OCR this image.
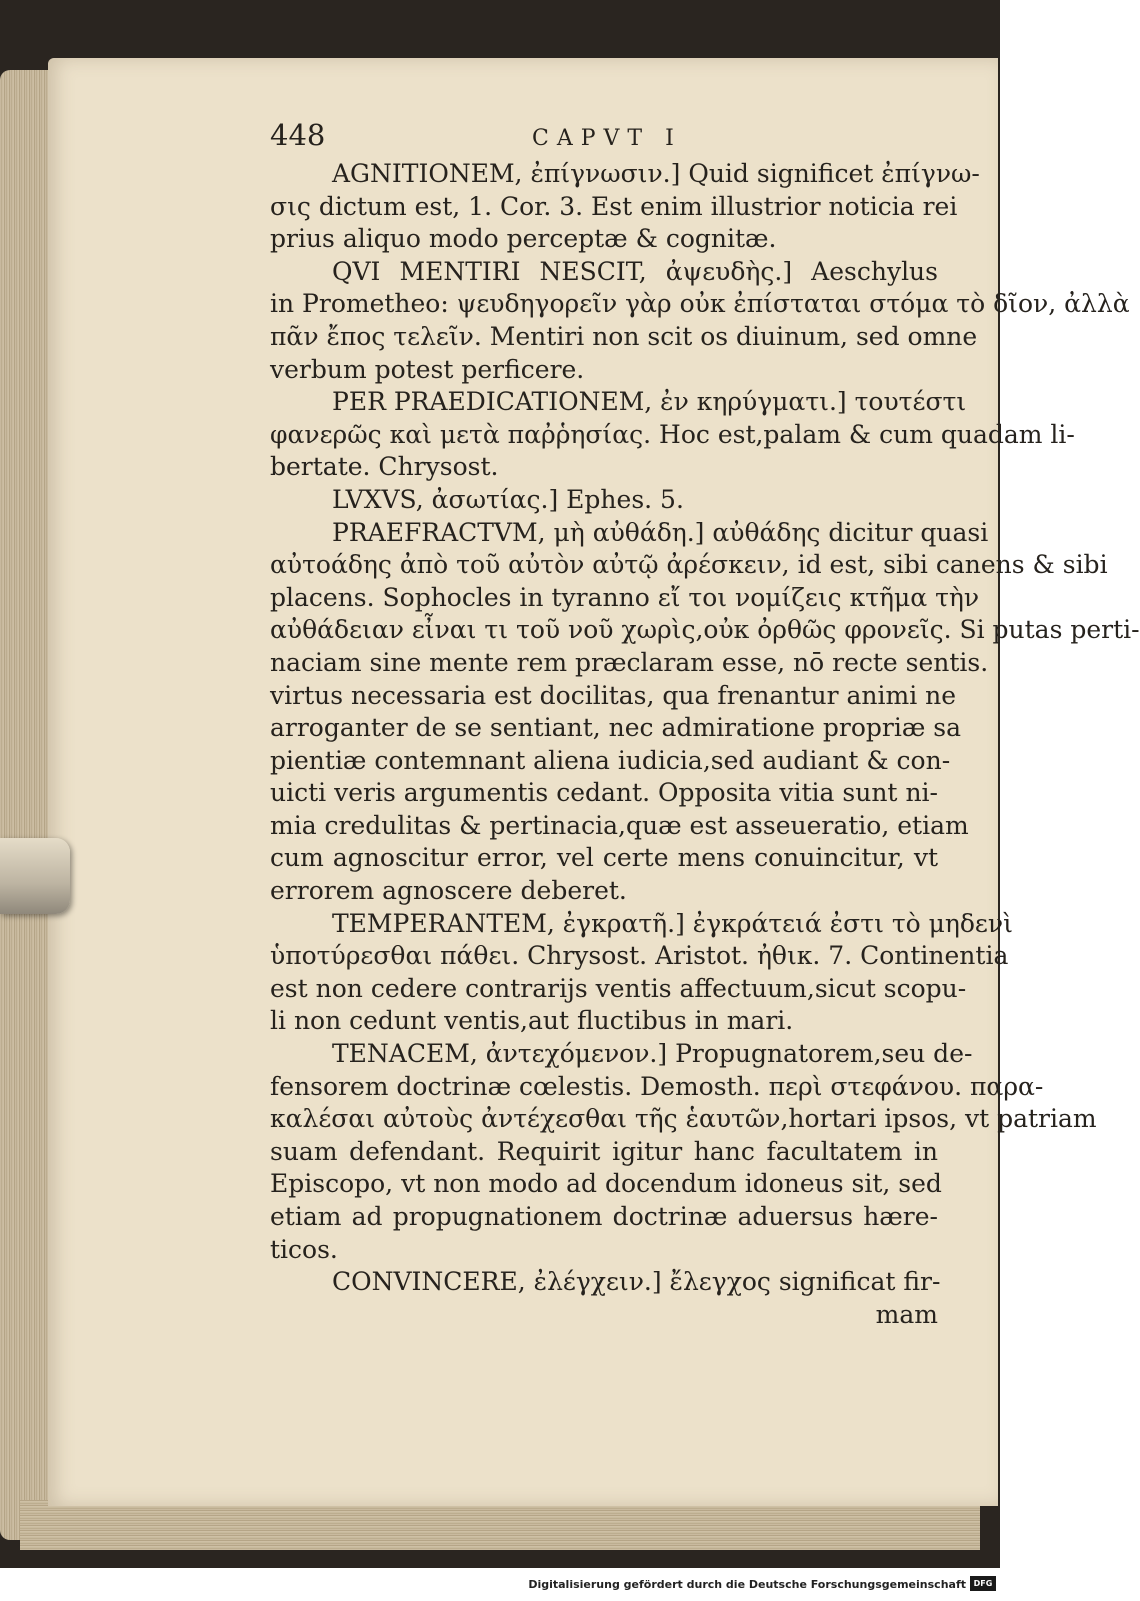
448	CAPVT I
AGNITIONEM, ἐπίγνωσιν.] Quid significet ἐπίγνω-
σις dictum est, 1. Cor. 3. Est enim illustrior noticia rei
prius aliquo modo perceptæ & cognitæ.
QVI MENTIRI NESCIT, ἀψευδὴς.] Aeschylus
in Prometheo: ψευδηγορεῖν γὰρ οὐκ ἐπίσταται στόμα τὸ δῖον, ἀλλὰ
πᾶν ἔπος τελεῖν. Mentiri non scit os diuinum, sed omne
verbum potest perficere.
PER PRAEDICATIONEM, ἐν κηρύγματι.] τουτέστι
φανερῶς καὶ μετὰ παῤῥησίας. Hoc est,palam & cum quadam li-
bertate. Chrysost.
LVXVS, ἀσωτίας.] Ephes. 5.
PRAEFRACTVM, μὴ αὐθάδη.] αὐθάδης dicitur quasi
αὐτοάδης ἀπὸ τοῦ αὐτὸν αὐτῷ ἀρέσκειν, id est, sibi canens & sibi
placens. Sophocles in tyranno εἴ τοι νομίζεις κτῆμα τὴν
αὐθάδειαν εἶναι τι τοῦ νοῦ χωρὶς,οὐκ ὀρθῶς φρονεῖς. Si putas perti-
naciam sine mente rem præclaram esse, nō recte sentis.
virtus necessaria est docilitas, qua frenantur animi ne
arroganter de se sentiant, nec admiratione propriæ sa
pientiæ contemnant aliena iudicia,sed audiant & con-
uicti veris argumentis cedant. Opposita vitia sunt ni-
mia credulitas & pertinacia,quæ est asseueratio, etiam
cum agnoscitur error, vel certe mens conuincitur, vt
errorem agnoscere deberet.
TEMPERANTEM, ἐγκρατῆ.] ἐγκράτειά ἐστι τὸ μηδενὶ
ὑποτύρεσθαι πάθει. Chrysost. Aristot. ἠθικ. 7. Continentia
est non cedere contrarijs ventis affectuum,sicut scopu-
li non cedunt ventis,aut fluctibus in mari.
TENACEM, ἀντεχόμενον.] Propugnatorem,seu de-
fensorem doctrinæ cœlestis. Demosth. περὶ στεφάνου. παρα-
καλέσαι αὐτοὺς ἀντέχεσθαι τῆς ἑαυτῶν,hortari ipsos, vt patriam
suam defendant. Requirit igitur hanc facultatem in
Episcopo, vt non modo ad docendum idoneus sit, sed
etiam ad propugnationem doctrinæ aduersus hære-
ticos.
CONVINCERE, ἐλέγχειν.] ἔλεγχος significat fir-
mam
Digitalisierung gefördert durch die Deutsche Forschungsgemeinschaft DFG
